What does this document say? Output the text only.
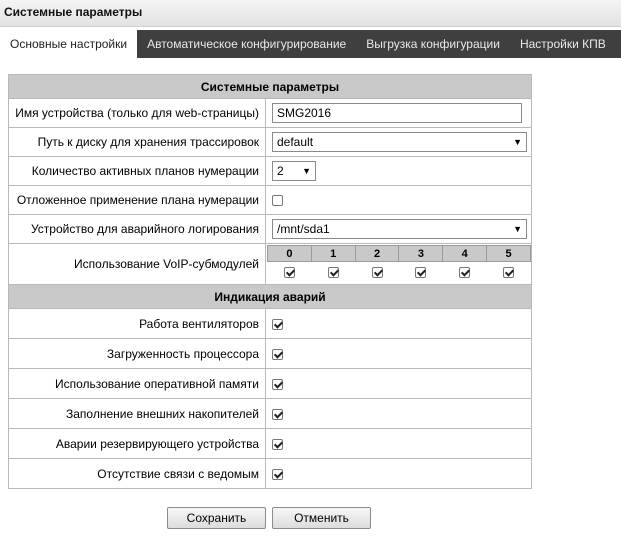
Системные параметры
Основные настройки	Автоматическое конфигурирование	Выгрузка конфигурации	Настройки КПВ
Системные параметры
Имя устройства (только для web-страницы)	SMG2016
Путь к диску для хранения трассировок	default	▼

Количество активных планов нумерации	2 ▼

Отложенное применение плана нумерации	
Устройство для аварийного логирования	/mnt/sda1	▼

Использование VoIP-субмодулей	
0	1	2	3	4	5

Индикация аварий
Работа вентиляторов	
Загруженность процессора	
Использование оперативной памяти	
Заполнение внешних накопителей	
Аварии резервирующего устройства	
Отсутствие связи с ведомым	
Сохранить	Отменить
